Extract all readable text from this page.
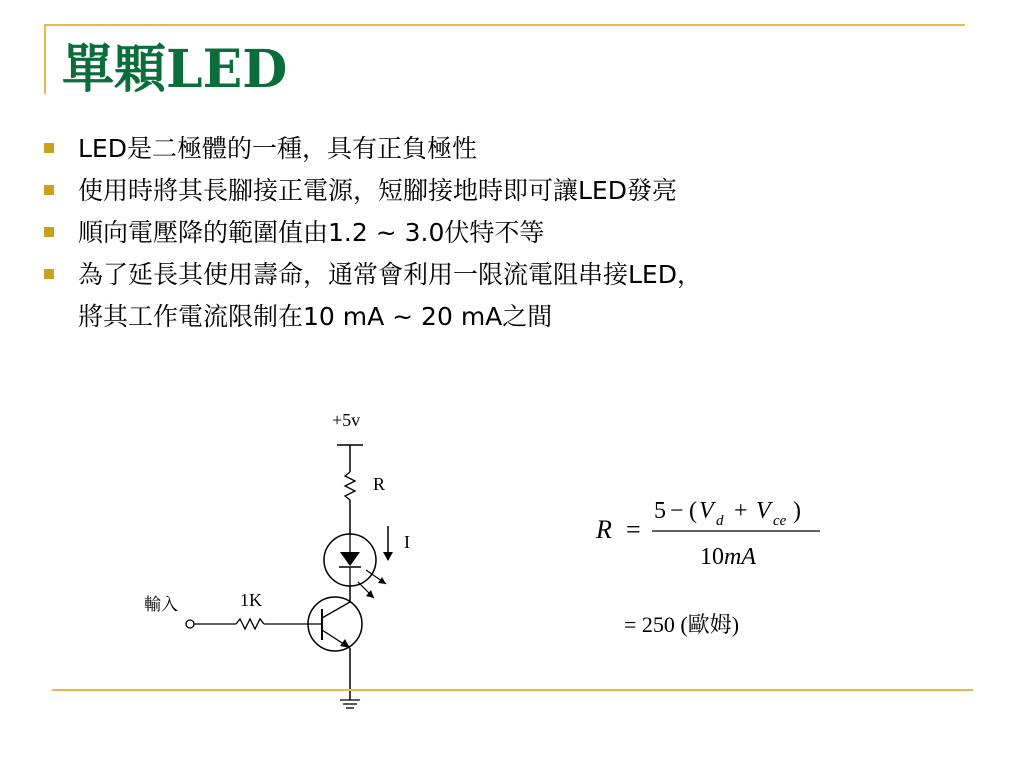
單顆LED
LED是二極體的一種，具有正負極性
使用時將其長腳接正電源，短腳接地時即可讓LED發亮
順向電壓降的範圍值由1.2 ~ 3.0伏特不等
為了延長其使用壽命，通常會利用一限流電阻串接LED，
將其工作電流限制在10 mA ~ 20 mA之間
+5v
R
I
1K
輸入
R =
5 − ( V d + V ce )
10 mA
= 250 (歐姆)
